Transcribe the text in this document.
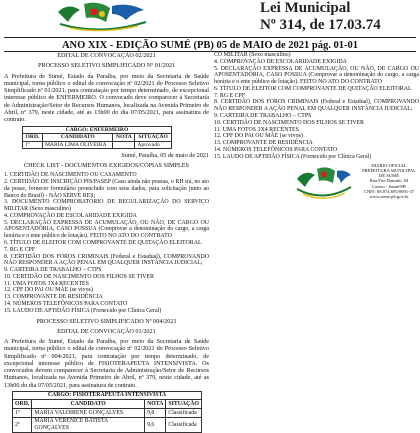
Lei Municipal
Nº 314, de 17.03.74
ANO XIX - EDIÇÃO SUMÉ (PB) 05 de MAIO de 2021 pág. 01-01

EDITAL DE CONVOCAÇÃO 02/2021

PROCESSO SELETIVO SIMPLIFICADO Nº 01/2021

A Prefeitura de Sumé, Estado da Paraíba, por meio da Secretaria de Saúde municipal, torna público o edital de convocação nº 02/2021 do Processo Seletivo Simplificado nº 01/2021, para contratação por tempo determinado, de excepcional interesse público de ENFERMEIRO. O convocado deve comparecer à Secretaria de Administração/Setor de Recursos Humanos, localizada na Avenida Primeiro de Abril, nº 379, neste cidade, até as 13h00 do dia 07/05/2021, para assinatura de contrato.

CARGO: ENFERMEIRO			
ORD.	CANDIDATO	NOTA	SITUAÇÃO
1º	MARIA LIMA OLIVEIRA		Aprovado

Sumé, Paraíba, 05 de maio de 2021

CHECK LIST - DOCUMENTOS EXIGIDOS/CÓPIAS SIMPLES

1. CERTIDÃO DE NASCIMENTO OU CASAMENTO

2. CERTIDÃO DE INSCRIÇÃO PIS/PASEP (Caso ainda não possua, o RH irá, no ato da posse, fornecer formulário preenchido com seus dados, para solicitação junto ao Banco do Brasil) - NÃO SERVE RES;

3. DOCUMENTO COMPROBATÓRIO DE REGULARIZAÇÃO DO SERVIÇO MILITAR (Sexo masculino)

4. COMPROVAÇÃO DE ESCOLARIDADE EXIGIDA

5. DECLARAÇÃO EXPRESSA DE ACUMULAÇÃO, OU NÃO, DE CARGO OU APOSENTADORIA, CASO POSSUA (Comprovar a denominação do cargo, a carga horária e o ente público de lotação). FEITO NO ATO DO CONTRATO

6. TÍTULO DE ELEITOR COM COMPROVANTE DE QUITAÇÃO ELEITORAL

7. RG E CPF

8. CERTIDÃO DOS FOROS CRIMINAIS (Federal e Estadual), COMPROVANDO NÃO RESPONDER A AÇÃO PENAL EM QUALQUER INSTÂNCIA JUDICIAL;

9. CARTEIRA DE TRABALHO – CTPS

10. CERTIDÃO DE NASCIMENTO DOS FILHOS SE TIVER

11. UMA FOTOS 3X4 RECENTES

12. CPF DO PAI OU MÃE (se vivos)

13. COMPROVANTE DE RESIDÊNCIA

14. NÚMEROS TELEFÔNICOS PARA CONTATO

15. LAUDO DE APTIDÃO FÍSICA (Fornecido por Clínica Geral)

PROCESSO SELETIVO SIMPLIFICADO Nº 004/2021

EDITAL DE CONVOCAÇÃO 01/2021

A Prefeitura de Sumé, Estado da Paraíba, por meio da Secretaria de Saúde municipal, torna público o edital de convocação nº 02/2021 do Processo Seletivo Simplificado nº 004/2021, para contratação por tempo determinado, de excepcional interesse público de FISIOTERAPEUTA INTENSIVISTA. Os convocados devem comparecer à Secretaria de Administração/Setor de Recursos Humanos, localizada na Avenida Primeiro de Abril, nº 379, neste cidade, até as 13h00 do dia 07/05/2021, para assinatura de contrato.

CARGO: FISIOTERAPEUTA INTENSIVISTA			
ORD.	CANDIDATO	NOTA	SITUAÇÃO
1º	MARIA VALDIRENE GONÇALVES	9,8	Classificada
2º	MARIA VERENICE BATISTA GONÇALVES	9,6	Classificada

CO MILITAR (Sexo masculino)

4. COMPROVAÇÃO DE ESCOLARIDADE EXIGIDA

5. DECLARAÇÃO EXPRESSA DE ACUMULAÇÃO, OU NÃO, DE CARGO OU APOSENTADORIA, CASO POSSUA (Comprovar a denominação do cargo, a carga horária e o ente público de lotação). FEITO NO ATO DO CONTRATO

6. TÍTULO DE ELEITOR COM COMPROVANTE DE QUITAÇÃO ELEITORAL

7. RG E CPF

8. CERTIDÃO DOS FOROS CRIMINAIS (Federal e Estadual), COMPROVANDO NÃO RESPONDER A AÇÃO PENAL EM QUALQUER INSTÂNCIA JUDICIAL;

9. CARTEIRA DE TRABALHO – CTPS

10. CERTIDÃO DE NASCIMENTO DOS FILHOS SE TIVER

11. UMA FOTOS 3X4 RECENTES

12. CPF DO PAI OU MÃE (se vivos)

13. COMPROVANTE DE RESIDÊNCIA

14. NÚMEROS TELEFÔNICOS PARA CONTATO

15. LAUDO DE APTIDÃO FÍSICA (Fornecido por Clínica Geral)

DIÁRIO OFICIAL
PREFEITURA MUNICIPAL
DE SUMÉ
Rua Frei Damião, 04
Centro - Sumé/PB
CNPJ: 08.874.695/0001-37
www.sume.pb.gov.br
